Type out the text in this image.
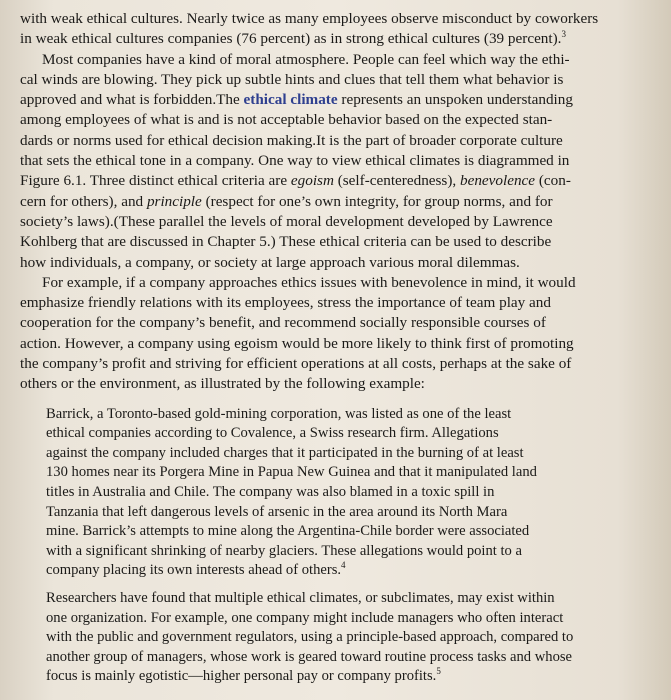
with weak ethical cultures. Nearly twice as many employees observe misconduct by coworkers
in weak ethical cultures companies (76 percent) as in strong ethical cultures (39 percent).$^3$
Most companies have a kind of moral atmosphere. People can feel which way the ethi-
cal winds are blowing. They pick up subtle hints and clues that tell them what behavior is
approved and what is forbidden.The ethical climate represents an unspoken understanding
among employees of what is and is not acceptable behavior based on the expected stan-
dards or norms used for ethical decision making.It is the part of broader corporate culture
that sets the ethical tone in a company. One way to view ethical climates is diagrammed in
Figure 6.1. Three distinct ethical criteria are egoism (self-centeredness), benevolence (con-
cern for others), and principle (respect for one’s own integrity, for group norms, and for
society’s laws).(These parallel the levels of moral development developed by Lawrence
Kohlberg that are discussed in Chapter 5.) These ethical criteria can be used to describe
how individuals, a company, or society at large approach various moral dilemmas.
For example, if a company approaches ethics issues with benevolence in mind, it would
emphasize friendly relations with its employees, stress the importance of team play and
cooperation for the company’s benefit, and recommend socially responsible courses of
action. However, a company using egoism would be more likely to think first of promoting
the company’s profit and striving for efficient operations at all costs, perhaps at the sake of
others or the environment, as illustrated by the following example:
Barrick, a Toronto-based gold-mining corporation, was listed as one of the least
ethical companies according to Covalence, a Swiss research firm. Allegations
against the company included charges that it participated in the burning of at least
130 homes near its Porgera Mine in Papua New Guinea and that it manipulated land
titles in Australia and Chile. The company was also blamed in a toxic spill in
Tanzania that left dangerous levels of arsenic in the area around its North Mara
mine. Barrick’s attempts to mine along the Argentina-Chile border were associated
with a significant shrinking of nearby glaciers. These allegations would point to a
company placing its own interests ahead of others.$^4$
Researchers have found that multiple ethical climates, or subclimates, may exist within
one organization. For example, one company might include managers who often interact
with the public and government regulators, using a principle-based approach, compared to
another group of managers, whose work is geared toward routine process tasks and whose
focus is mainly egotistic—higher personal pay or company profits.$^5$
